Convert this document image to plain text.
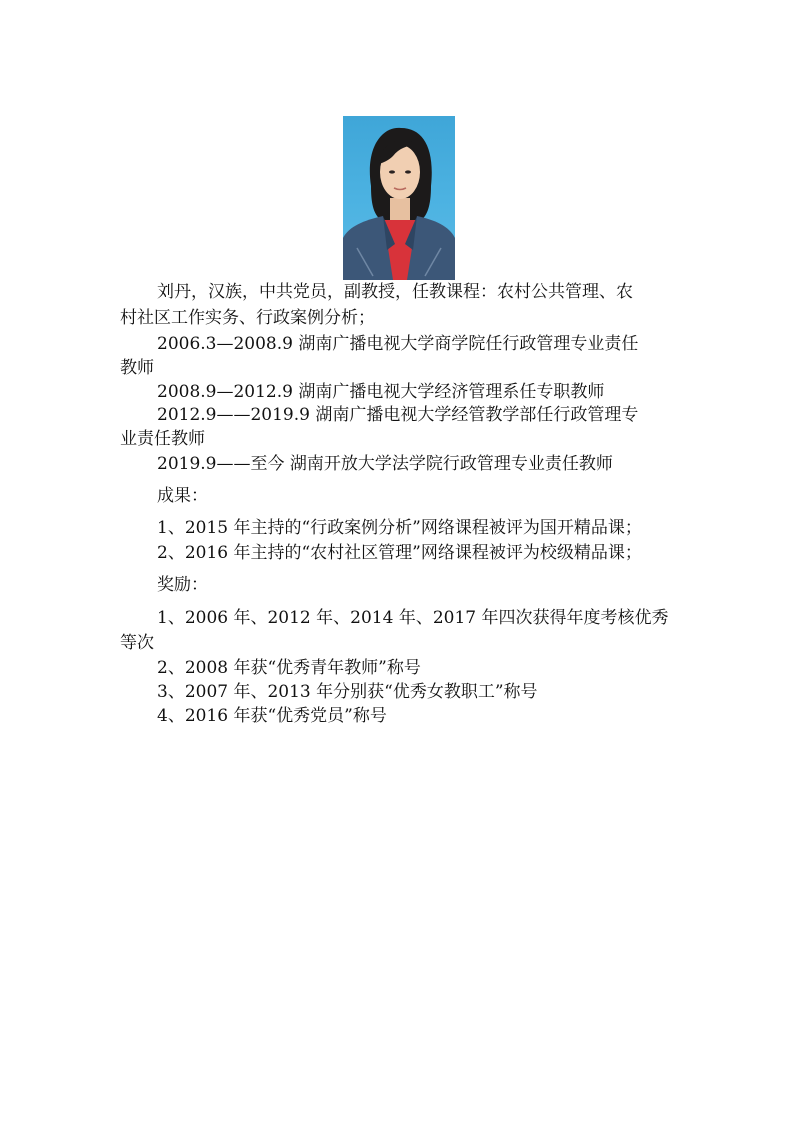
刘丹，汉族，中共党员，副教授，任教课程：农村公共管理、农
村社区工作实务、行政案例分析；
2006.3—2008.9 湖南广播电视大学商学院任行政管理专业责任
教师
2008.9—2012.9 湖南广播电视大学经济管理系任专职教师
2012.9——2019.9 湖南广播电视大学经管教学部任行政管理专
业责任教师
2019.9——至今 湖南开放大学法学院行政管理专业责任教师
成果：
1、2015 年主持的“行政案例分析”网络课程被评为国开精品课；
2、2016 年主持的“农村社区管理”网络课程被评为校级精品课；
奖励：
1、2006 年、2012 年、2014 年、2017 年四次获得年度考核优秀
等次
2、2008 年获“优秀青年教师”称号
3、2007 年、2013 年分别获“优秀女教职工”称号
4、2016 年获“优秀党员”称号
